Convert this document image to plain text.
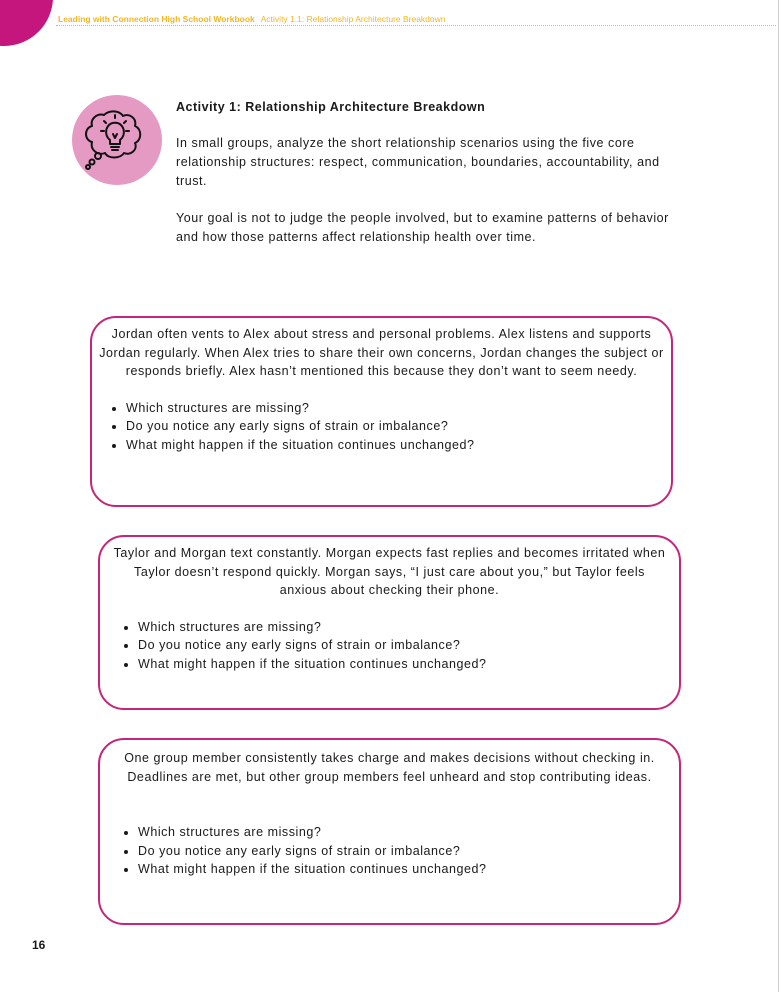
Leading with Connection High School Workbook Activity 1.1: Relationship Architecture Breakdown
Activity 1: Relationship Architecture Breakdown

In small groups, analyze the short relationship scenarios using the five core relationship structures: respect, communication, boundaries, accountability, and trust.

Your goal is not to judge the people involved, but to examine patterns of behavior and how those patterns affect relationship health over time.

Jordan often vents to Alex about stress and personal problems. Alex listens and supports Jordan regularly. When Alex tries to share their own concerns, Jordan changes the subject or responds briefly. Alex hasn’t mentioned this because they don’t want to seem needy.

• Which structures are missing?
• Do you notice any early signs of strain or imbalance?
• What might happen if the situation continues unchanged?

Taylor and Morgan text constantly. Morgan expects fast replies and becomes irritated when Taylor doesn’t respond quickly. Morgan says, “I just care about you,” but Taylor feels anxious about checking their phone.

• Which structures are missing?
• Do you notice any early signs of strain or imbalance?
• What might happen if the situation continues unchanged?

One group member consistently takes charge and makes decisions without checking in. Deadlines are met, but other group members feel unheard and stop contributing ideas.

• Which structures are missing?
• Do you notice any early signs of strain or imbalance?
• What might happen if the situation continues unchanged?
16
